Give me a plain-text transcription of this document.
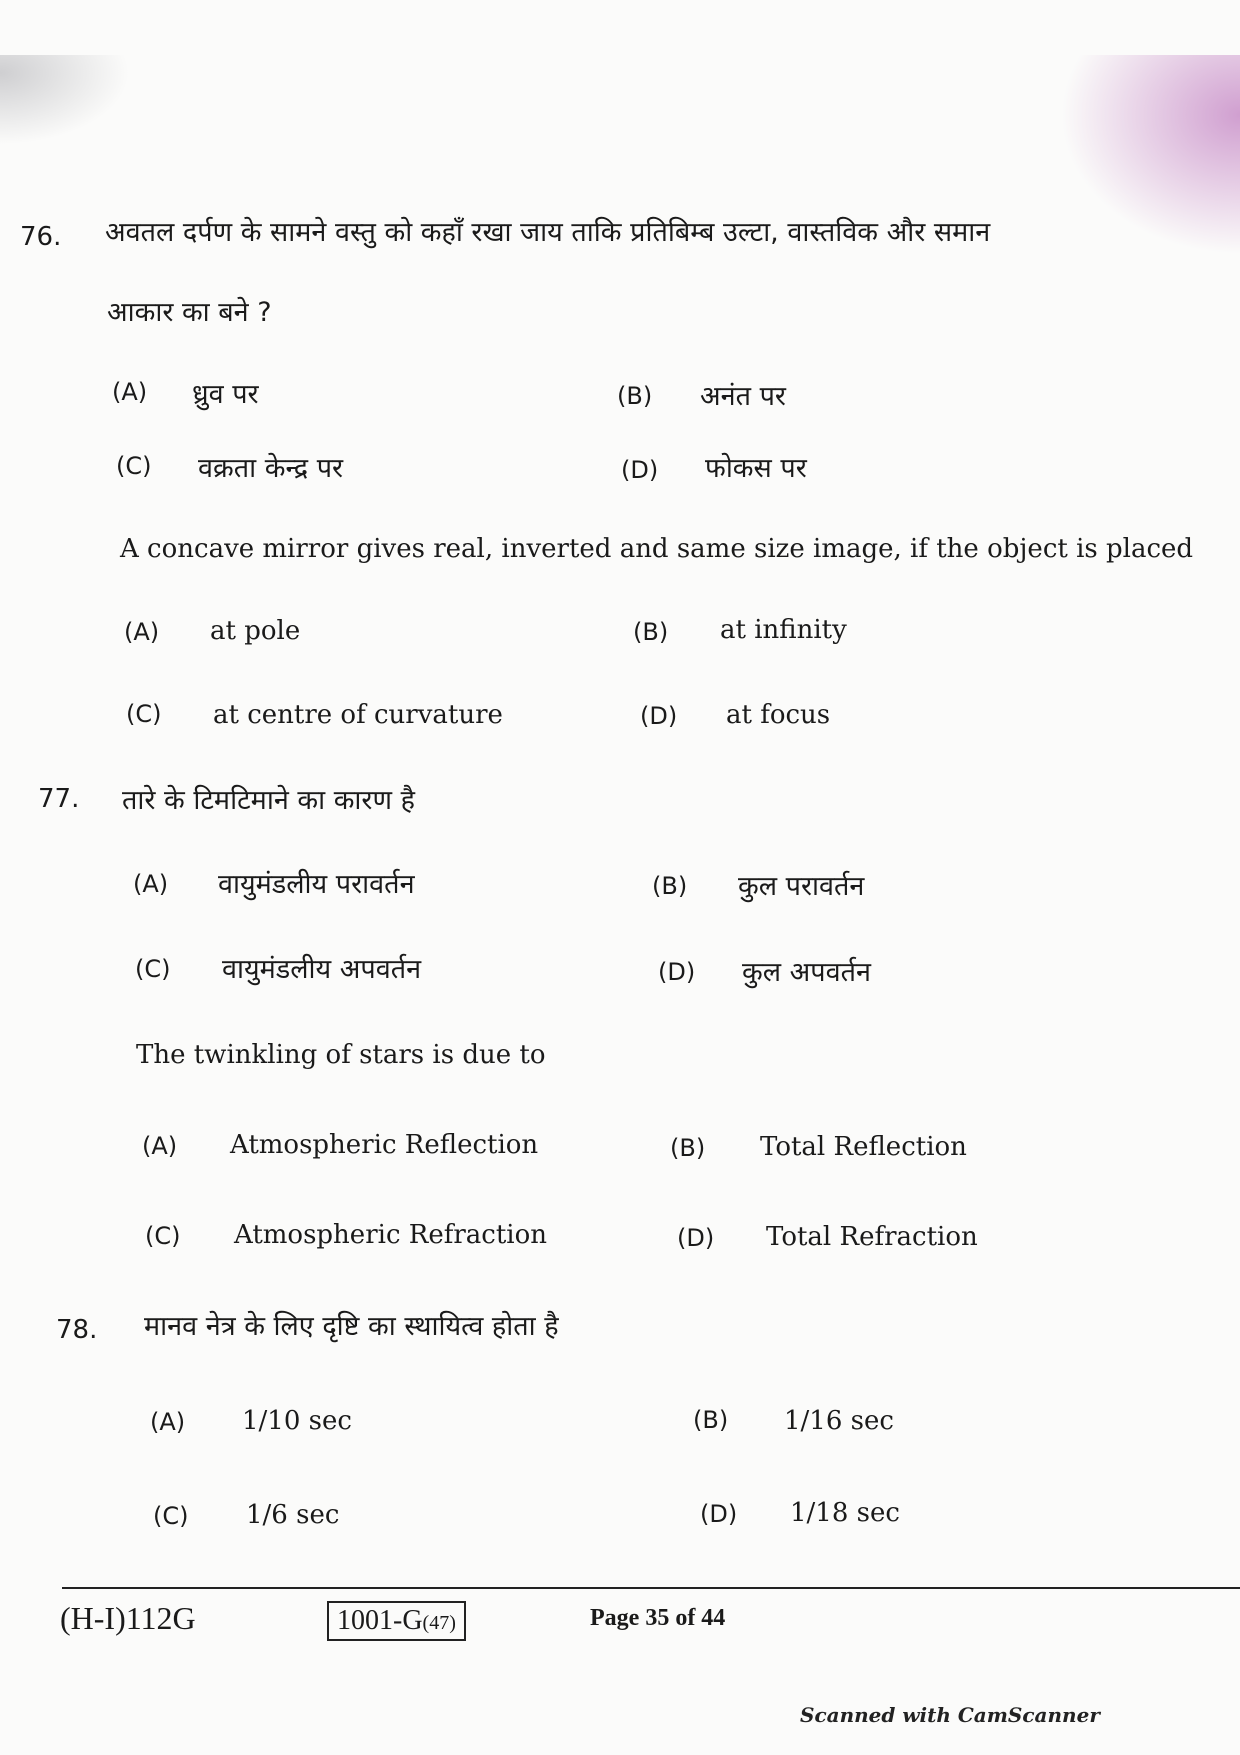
76. अवतल दर्पण के सामने वस्तु को कहाँ रखा जाय ताकि प्रतिबिम्ब उल्टा, वास्तविक और समान
आकार का बने ?
(A) ध्रुव पर	(B) अनंत पर
(C) वक्रता केन्द्र पर	(D) फोकस पर
A concave mirror gives real, inverted and same size image, if the object is placed
(A) at pole	(B) at infinity
(C) at centre of curvature	(D) at focus
77. तारे के टिमटिमाने का कारण है
(A) वायुमंडलीय परावर्तन	(B) कुल परावर्तन
(C) वायुमंडलीय अपवर्तन	(D) कुल अपवर्तन
The twinkling of stars is due to
(A) Atmospheric Reflection	(B) Total Reflection
(C) Atmospheric Refraction	(D) Total Refraction
78. मानव नेत्र के लिए दृष्टि का स्थायित्व होता है
(A) 1/10 sec	(B) 1/16 sec
(C) 1/6 sec	(D) 1/18 sec
(H-I)112G	1001-G(47)	Page 35 of 44
Scanned with CamScanner
